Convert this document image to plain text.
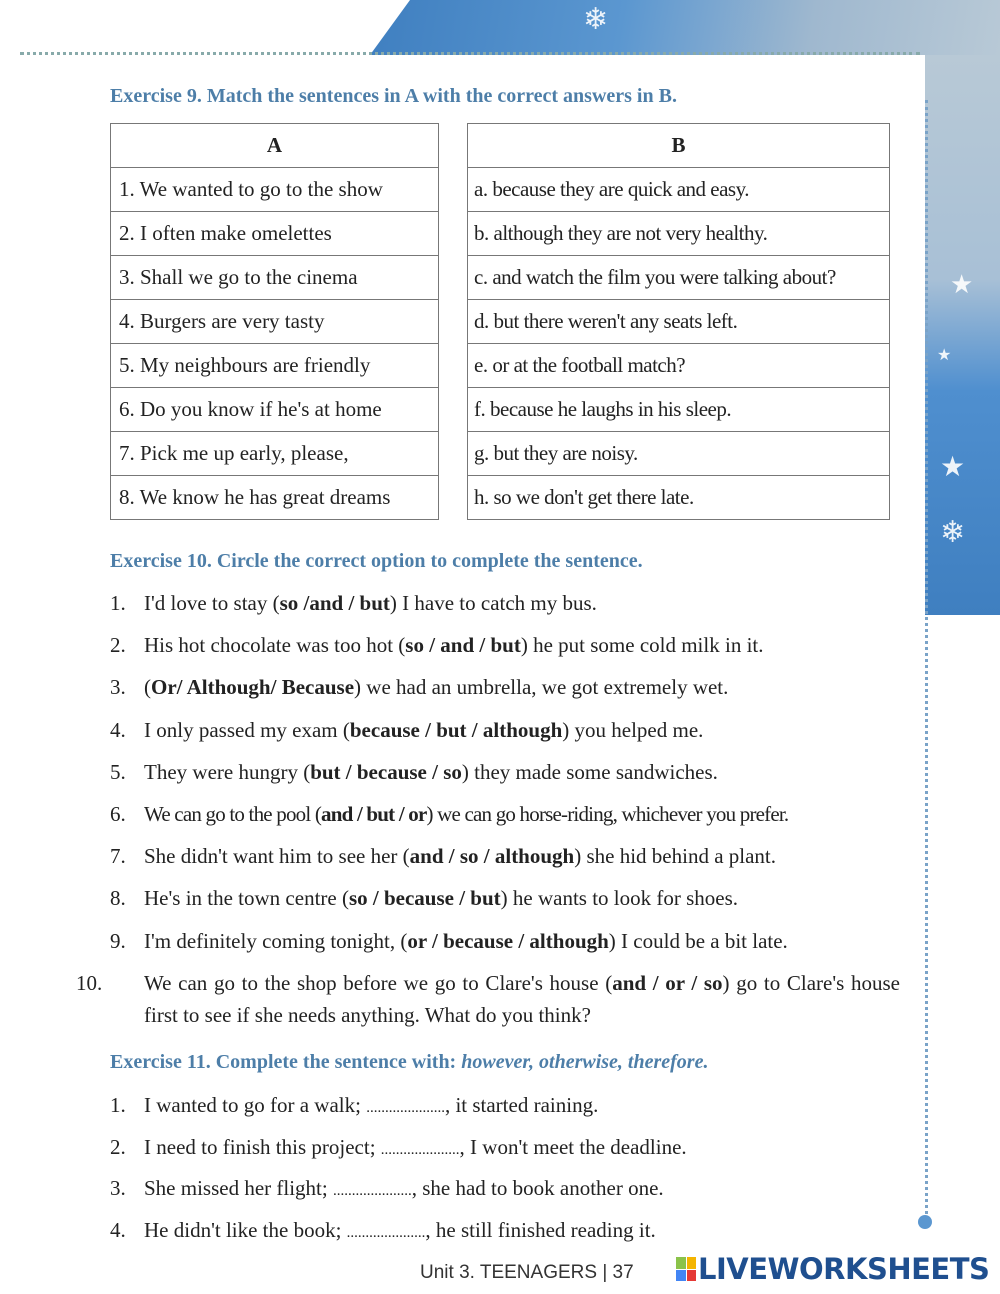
❄
❄
★
★
★
Exercise 9. Match the sentences in A with the correct answers in B.
A
1. We wanted to go to the show
2. I often make omelettes
3. Shall we go to the cinema
4. Burgers are very tasty
5. My neighbours are friendly
6. Do you know if he's at home
7. Pick me up early, please,
8. We know he has great dreams
B
a. because they are quick and easy.
b. although they are not very healthy.
c. and watch the film you were talking about?
d. but there weren't any seats left.
e. or at the football match?
f. because he laughs in his sleep.
g. but they are noisy.
h. so we don't get there late.
Exercise 10. Circle the correct option to complete the sentence.
1. I'd love to stay (so /and / but) I have to catch my bus.
2. His hot chocolate was too hot (so / and / but) he put some cold milk in it.
3. (Or/ Although/ Because) we had an umbrella, we got extremely wet.
4. I only passed my exam (because / but / although) you helped me.
5. They were hungry (but / because / so) they made some sandwiches.
6. We can go to the pool (and / but / or) we can go horse-riding, whichever you prefer.
7. She didn't want him to see her (and / so / although) she hid behind a plant.
8. He's in the town centre (so / because / but) he wants to look for shoes.
9. I'm definitely coming tonight, (or / because / although) I could be a bit late.
10. We can go to the shop before we go to Clare's house (and / or / so) go to Clare's house first to see if she needs anything. What do you think?
Exercise 11. Complete the sentence with: however, otherwise, therefore.
1. I wanted to go for a walk; ....................., it started raining.
2. I need to finish this project; ....................., I won't meet the deadline.
3. She missed her flight; ....................., she had to book another one.
4. He didn't like the book; ....................., he still finished reading it.
Unit 3. TEENAGERS | 37 LIVEWORKSHEETS
